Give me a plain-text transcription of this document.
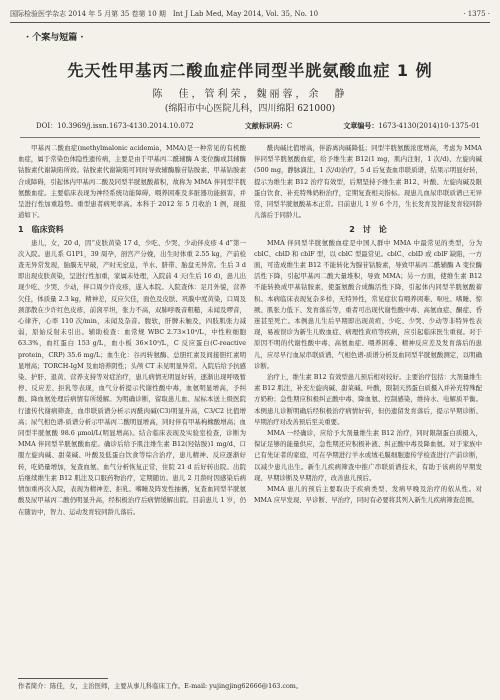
国际检验医学杂志 2014 年 5 月第 35 卷第 10 期　Int J Lab Med, May 2014, Vol. 35, No. 10	· 1375 ·
· 个案与短篇 ·
先天性甲基丙二酸血症伴同型半胱氨酸血症 1 例
陈　佳，管利荣，魏丽蓉，余　静
(绵阳市中心医院儿科，四川绵阳 621000)
DOI：10.3969/j.issn.1673-4130.2014.10.072	文献标识码：C	文章编号：1673-4130(2014)10-1375-01

甲基丙二酸血症(methylmalonic acidemia，MMA)是一种常见的有机酸血症，属于常染色体隐性遗传病，主要是由于甲基丙二酰辅酶 A 变位酶或其辅酶钴胺素代谢缺陷所致。钴胺素代谢缺陷可同时导致辅酶腺苷钴胺素、甲基钴胺素合成障碍，引起体内甲基丙二酸及同型半胱氨酸蓄积，故称为 MMA 伴同型半胱氨酸血症。主要临床表现为神经系统功能障碍、喂养困难及多脏器功能损害，并呈进行性加重趋势。重型患者病死率高。本科于 2012 年 5 月收治 1 例，现报道如下。

1　临床资料

患儿，女，20 d，因“皮肤黄染 17 d，少吃、少哭、少动伴皮疹 4 d”第一次入院。患儿系 G1P1，39 周孕，剖宫产分娩，出生时体重 2.55 kg，产前检查无异常发现，胎膜无早破，产时无窒息，羊水、脐带、胎盘无异常。生后 3 d 即出现皮肤黄染，呈进行性加重，家属未处理，入院前 4 天(生后 16 d)，患儿出现少吃、少哭、少动，伴口周少许皮疹，遂入本院。入院查体：足月外貌，营养欠佳，体质量 2.3 kg，精神差，反应欠佳，面色及皮肤、巩膜中度黄染，口周及颈部散在少许红色皮疹，前囟平坦，张力不高，双肺呼吸音粗糙，未闻及啰音，心律齐，心率 110 次/min，未闻及杂音。腹软，肝脾未触及，四肢肌张力减弱，原始反射未引出。辅助检查：血常规 WBC 2.73×10⁹/L，中性粒细胞 63.3%，血红蛋白 153 g/L，血小板 36×10⁹/L，C 反应蛋白(C-reactive protein，CRP) 35.6 mg/L；血生化：谷丙转氨酶、总胆红素及间接胆红素明显增高；TORCH-IgM 及血培养阴性；头颅 CT 未见明显异常。入院后给予抗感染、护肝、退黄、营养支持等对症治疗，患儿病情无明显好转，逐渐出现呼吸暂停、反应差、拒乳等表现，血气分析提示代谢性酸中毒，血氨明显增高，予纠酸、降血氨处理后病情有所缓解。为明确诊断，留取患儿血、尿标本送上级医院行遗传代谢病筛查，血串联质谱分析示丙酰肉碱(C3)明显升高，C3/C2 比值增高；尿气相色谱-质谱分析示甲基丙二酸明显增高，同时伴有甲基枸橼酸增高；血同型半胱氨酸 98.6 μmol/L(明显增高)。结合临床表现及实验室检查，诊断为 MMA 伴同型半胱氨酸血症。确诊后给予肌注维生素 B12(羟钴胺)1 mg/d、口服左旋肉碱、甜菜碱、叶酸及低蛋白饮食等综合治疗，患儿精神、反应逐渐好转，吃奶量增加，复查血氨、血气分析恢复正常，住院 21 d 后好转出院。出院后继续维生素 B12 肌注及口服药物治疗，定期随访。患儿 2 月龄时因感染后病情加重再次入院，表现为精神差、拒乳、嗜睡及阵发性抽搐，复查血同型半胱氨酸及尿甲基丙二酸仍明显升高，经积极治疗后病情缓解出院。目前患儿 1 岁，仍在随访中，智力、运动发育较同龄儿落后。

酰肉碱比值增高，伴游离肉碱降低；同型半胱氨酸浓度增高，考虑为 MMA 伴同型半胱氨酸血症，给予维生素 B12(1 mg，肌内注射，1 次/d)、左旋肉碱(500 mg，静脉滴注，1 次/d)治疗，5 d 后复查血串联质谱，结果示明显好转，提示为维生素 B12 治疗有效型，后期坚持予维生素 B12、叶酸、左旋肉碱及限蛋白饮食、补充特殊奶粉治疗，定期复查相关指标。现患儿血尿串联质谱已无异常，同型半胱氨酸基本正常。目前患儿 1 岁 6 个月，生长发育及智能发育较同龄儿落后于同龄儿。

2　讨　论

MMA 伴同型半胱氨酸血症是中国人群中 MMA 中最常见的类型，分为 cblC、cblD 和 cblF 型，以 cblC 型最常见。cblC、cblD 或 cblF 缺陷，一方面，可造成维生素 B12 不能转化为腺苷钴胺素，导致甲基丙二酰辅酶 A 变位酶活性下降，引起甲基丙二酸大量堆积，导致 MMA；另一方面，使维生素 B12 不能转换成甲基钴胺素，使蛋氨酸合成酶活性下降，引起体内同型半胱氨酸蓄积。本病临床表现复杂多样，无特异性，常见症状有喂养困难、呕吐、嗜睡、惊厥、肌张力低下、发育落后等，重者可出现代谢性酸中毒、高氨血症、酮症、昏迷甚至死亡。本例患儿生后早期即出现黄疸、少吃、少哭、少动等非特异性表现，易被误诊为新生儿败血症、病理性黄疸等疾病，应引起临床医生重视。对于原因不明的代谢性酸中毒、高氨血症、喂养困难、精神反应差及发育落后的患儿，应尽早行血尿串联质谱、气相色谱-质谱分析及血同型半胱氨酸测定，以明确诊断。

治疗上，维生素 B12 有效型患儿预后相对较好。主要治疗包括：大剂量维生素 B12 肌注，补充左旋肉碱、甜菜碱、叶酸，限制天然蛋白质摄入并补充特殊配方奶粉；急性期应积极纠正酸中毒、降血氨、控制感染，维持水、电解质平衡。本例患儿诊断明确后经积极治疗病情好转，但仍遗留发育落后，提示早期诊断、早期治疗对改善预后至关重要。

MMA 一经确诊，应给予大剂量维生素 B12 治疗，同时限制蛋白质摄入，保证足够的能量供应，急性期还应积极补液、纠正酸中毒及降血氨。对于家族中已有先证者的家庭，可在孕期进行羊水或绒毛膜细胞遗传学检查进行产前诊断，以减少患儿出生。新生儿疾病筛查中推广串联质谱技术，有助于该病的早期发现、早期诊断及早期治疗，改善患儿预后。

MMA 患儿的预后主要取决于疾病类型、发病早晚及治疗的依从性。对 MMA 应早发现、早诊断、早治疗，同时有必要将其列入新生儿疾病筛查范围。

作者简介：陈佳，女，主治医师，主要从事儿科临床工作。E-mail: yujingjing62666@163.com。
